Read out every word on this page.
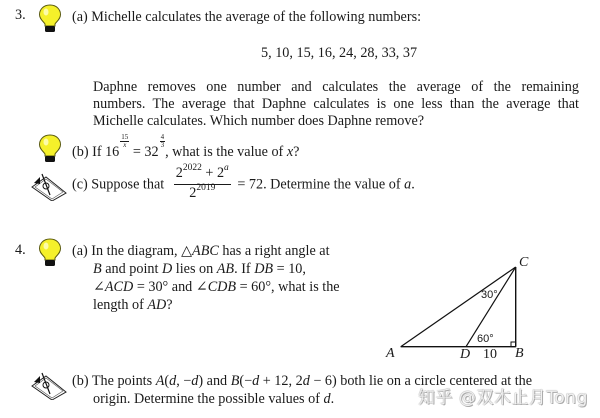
3.	(a) Michelle calculates the average of the following numbers:
5, 10, 15, 16, 24, 28, 33, 37
Daphne removes one number and calculates the average of the remaining
numbers. The average that Daphne calculates is one less than the average that
Michelle calculates. Which number does Daphne remove?
(b) If 16
$\frac{15}{x}$
= 32
$\frac{4}{3}$
, what is the value of x?
(c) Suppose that $\frac{2^{2022} + 2^a}{2^{2019}} = 72$. Determine the value of a.
4.	(a) In the diagram, △ABC has a right angle at
B and point D lies on AB. If DB = 10,
∠ACD = 30° and ∠CDB = 60°, what is the
length of AD?
C
A	D 10 B
30°
60°
(b) The points A(d, −d) and B(−d + 12, 2d − 6) both lie on a circle centered at the
origin. Determine the possible values of d.	知乎 @双木止月Tong
